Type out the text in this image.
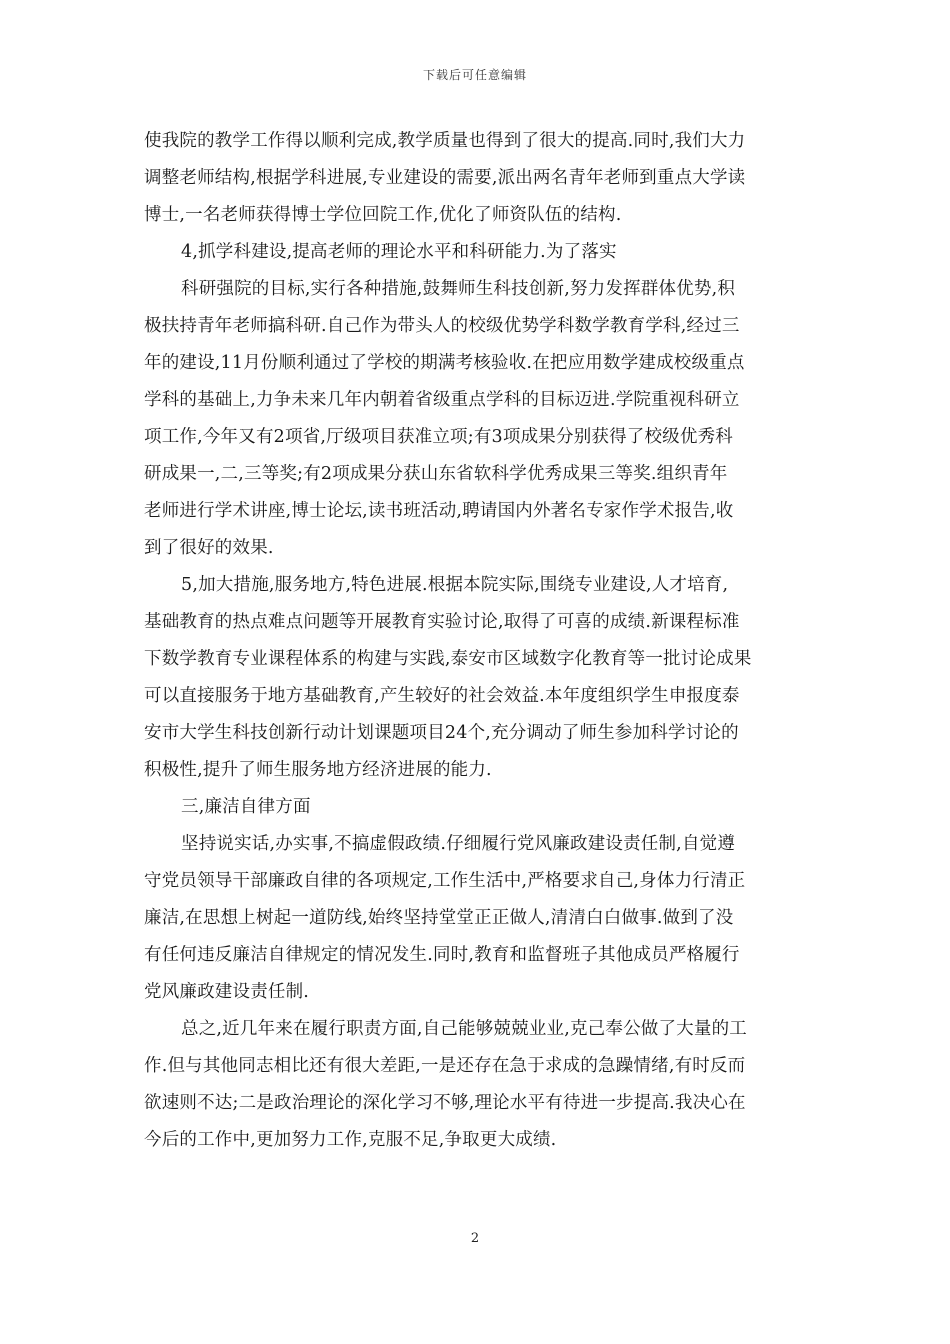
下载后可任意编辑
使我院的教学工作得以顺利完成,教学质量也得到了很大的提高.同时,我们大力
调整老师结构,根据学科进展,专业建设的需要,派出两名青年老师到重点大学读
博士,一名老师获得博士学位回院工作,优化了师资队伍的结构.
4,抓学科建设,提高老师的理论水平和科研能力.为了落实
科研强院的目标,实行各种措施,鼓舞师生科技创新,努力发挥群体优势,积
极扶持青年老师搞科研.自己作为带头人的校级优势学科数学教育学科,经过三
年的建设,11月份顺利通过了学校的期满考核验收.在把应用数学建成校级重点
学科的基础上,力争未来几年内朝着省级重点学科的目标迈进.学院重视科研立
项工作,今年又有2项省,厅级项目获准立项;有3项成果分别获得了校级优秀科
研成果一,二,三等奖;有2项成果分获山东省软科学优秀成果三等奖.组织青年
老师进行学术讲座,博士论坛,读书班活动,聘请国内外著名专家作学术报告,收
到了很好的效果.
5,加大措施,服务地方,特色进展.根据本院实际,围绕专业建设,人才培育,
基础教育的热点难点问题等开展教育实验讨论,取得了可喜的成绩.新课程标准
下数学教育专业课程体系的构建与实践,泰安市区域数字化教育等一批讨论成果
可以直接服务于地方基础教育,产生较好的社会效益.本年度组织学生申报度泰
安市大学生科技创新行动计划课题项目24个,充分调动了师生参加科学讨论的
积极性,提升了师生服务地方经济进展的能力.
三,廉洁自律方面
坚持说实话,办实事,不搞虚假政绩.仔细履行党风廉政建设责任制,自觉遵
守党员领导干部廉政自律的各项规定,工作生活中,严格要求自己,身体力行清正
廉洁,在思想上树起一道防线,始终坚持堂堂正正做人,清清白白做事.做到了没
有任何违反廉洁自律规定的情况发生.同时,教育和监督班子其他成员严格履行
党风廉政建设责任制.
总之,近几年来在履行职责方面,自己能够兢兢业业,克己奉公做了大量的工
作.但与其他同志相比还有很大差距,一是还存在急于求成的急躁情绪,有时反而
欲速则不达;二是政治理论的深化学习不够,理论水平有待进一步提高.我决心在
今后的工作中,更加努力工作,克服不足,争取更大成绩.
2
